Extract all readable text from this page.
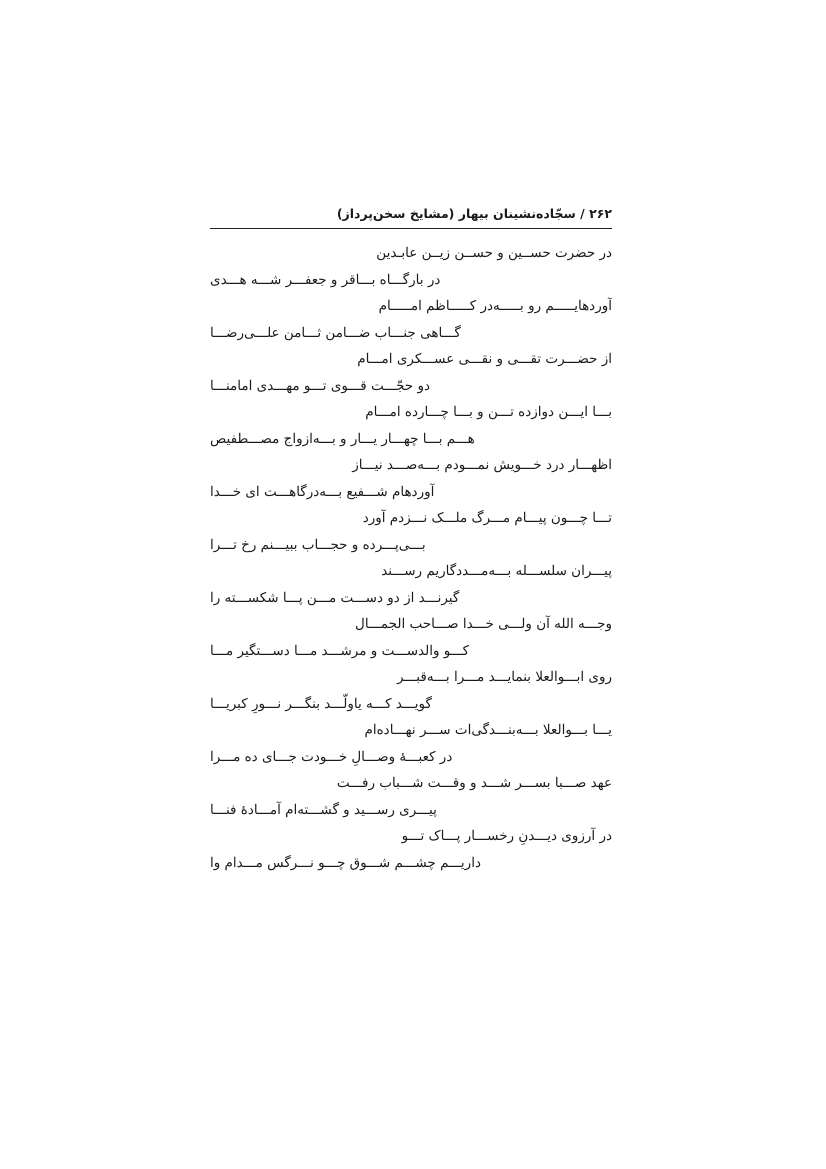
۲۶۲ / سجّاده‌نشینان بیهار (مشایخ سخن‌پرداز)
در حضرت حســین و حســن زیــن عابـدین
در بارگـــاه بـــاقر و جعفـــر شـــه هـــدی
آوردهایـــــم رو بـــــه‌در کـــــاظم امـــــام
گـــاهی جنـــاب ضـــامن ثـــامن علـــی‌رضـــا
از حضـــرت تقـــی و نقـــی عســـکری امـــام
دو حجّـــت قـــوی تـــو مهـــدی امامنـــا
بـــا ایـــن دوازده تـــن و بـــا چـــارده امـــام
هـــم بـــا چهـــار یـــار و بـــه‌ازواج مصـــطفیص
اظهـــار درد خـــویش نمـــودم بـــه‌صـــد نیـــاز
آوردهام شـــفیع بـــه‌درگاهـــت ای خـــدا
تـــا چـــون پیـــام مـــرگ ملـــک نـــزدم آورد
بـــی‌پـــرده و حجـــاب ببیـــنم رخ تـــرا
پیـــران سلســـله بـــه‌مـــددگاریم رســـند
گیرنـــد از دو دســـت مـــن پـــا شکســـته را
وجـــه الله آن ولـــی خـــدا صـــاحب الجمـــال
کـــو والدســـت و مرشـــد مـــا دســـتگیر مـــا
روی ابـــوالعلا بنمایـــد مـــرا بـــه‌قبـــر
گویـــد کـــه یاولّـــد بنگـــر نـــورِ کبریـــا
یـــا بـــوالعلا بـــه‌بنـــدگی‌ات ســـر نهـــاده‌ام
در کعبـــۀ وصـــالِ خـــودت جـــای ده مـــرا
عهد صـــبا بســـر شـــد و وقـــت شـــباب رفـــت
پیـــری رســـید و گشـــته‌ام آمـــادۀ فنـــا
در آرزوی دیـــدنِ رخســـار پـــاک تـــو
داریـــم چشـــم شـــوق چـــو نـــرگس مـــدام وا
